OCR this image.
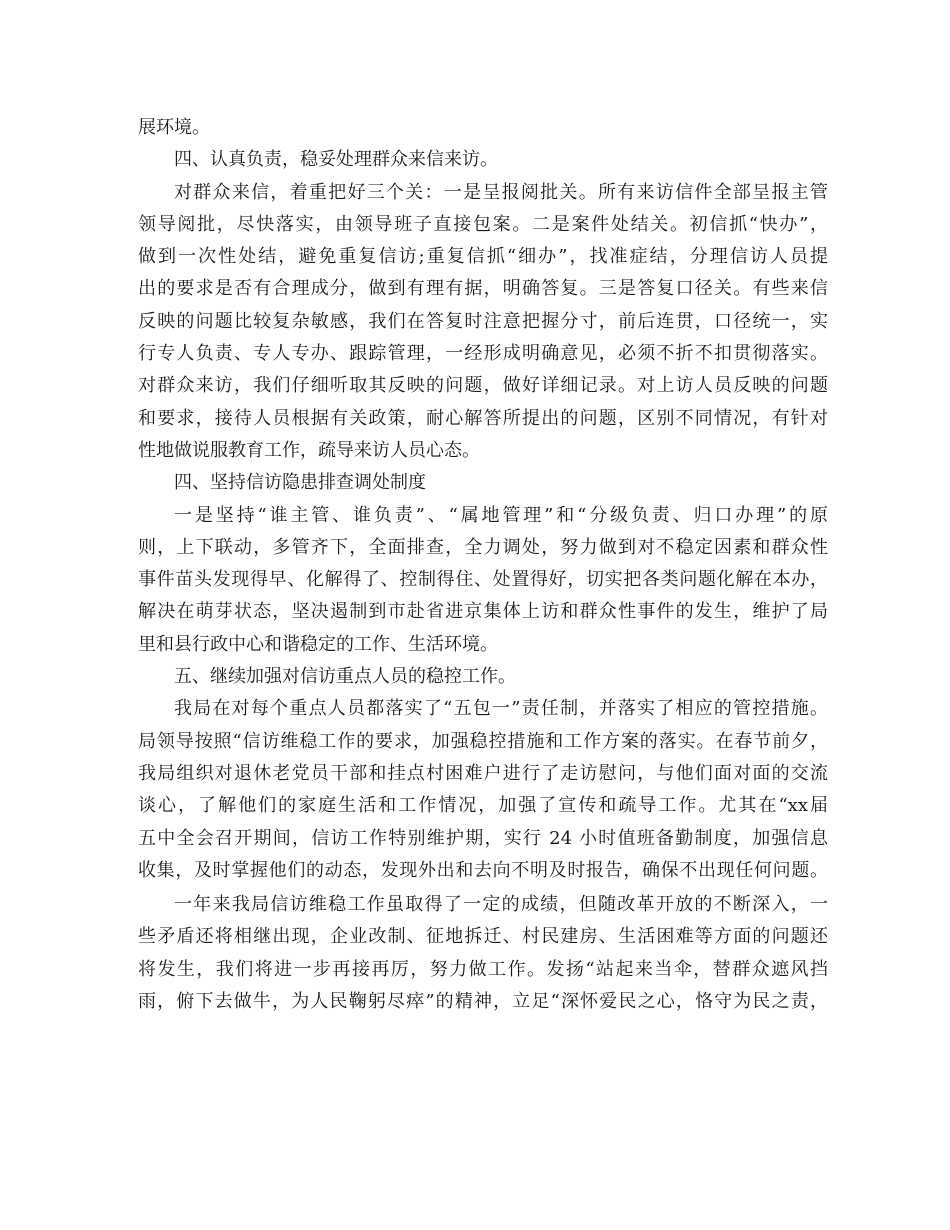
展环境。
四、认真负责，稳妥处理群众来信来访。
对群众来信，着重把好三个关：一是呈报阅批关。所有来访信件全部呈报主管
领导阅批，尽快落实，由领导班子直接包案。二是案件处结关。初信抓“快办”，
做到一次性处结，避免重复信访;重复信抓“细办”，找准症结，分理信访人员提
出的要求是否有合理成分，做到有理有据，明确答复。三是答复口径关。有些来信
反映的问题比较复杂敏感，我们在答复时注意把握分寸，前后连贯，口径统一，实
行专人负责、专人专办、跟踪管理，一经形成明确意见，必须不折不扣贯彻落实。
对群众来访，我们仔细听取其反映的问题，做好详细记录。对上访人员反映的问题
和要求，接待人员根据有关政策，耐心解答所提出的问题，区别不同情况，有针对
性地做说服教育工作，疏导来访人员心态。
四、坚持信访隐患排查调处制度
一是坚持“谁主管、谁负责”、“属地管理”和“分级负责、归口办理”的原
则，上下联动，多管齐下，全面排查，全力调处，努力做到对不稳定因素和群众性
事件苗头发现得早、化解得了、控制得住、处置得好，切实把各类问题化解在本办，
解决在萌芽状态，坚决遏制到市赴省进京集体上访和群众性事件的发生，维护了局
里和县行政中心和谐稳定的工作、生活环境。
五、继续加强对信访重点人员的稳控工作。
我局在对每个重点人员都落实了“五包一”责任制，并落实了相应的管控措施。
局领导按照“信访维稳工作的要求，加强稳控措施和工作方案的落实。在春节前夕，
我局组织对退休老党员干部和挂点村困难户进行了走访慰问，与他们面对面的交流
谈心，了解他们的家庭生活和工作情况，加强了宣传和疏导工作。尤其在“xx届
五中全会召开期间，信访工作特别维护期，实行 24 小时值班备勤制度，加强信息
收集，及时掌握他们的动态，发现外出和去向不明及时报告，确保不出现任何问题。
一年来我局信访维稳工作虽取得了一定的成绩，但随改革开放的不断深入，一
些矛盾还将相继出现，企业改制、征地拆迁、村民建房、生活困难等方面的问题还
将发生，我们将进一步再接再厉，努力做工作。发扬“站起来当伞，替群众遮风挡
雨，俯下去做牛，为人民鞠躬尽瘁”的精神，立足“深怀爱民之心，恪守为民之责，
